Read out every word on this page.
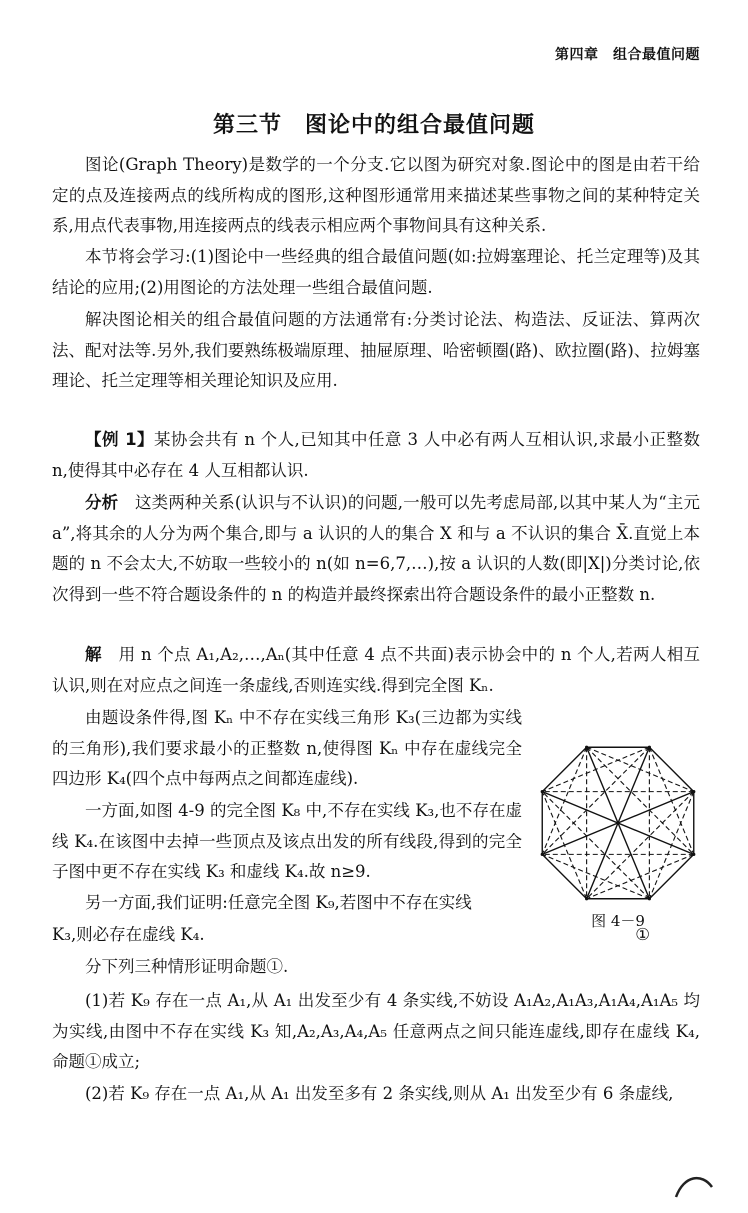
第四章　组合最值问题
第三节　图论中的组合最值问题
图论(Graph Theory)是数学的一个分支.它以图为研究对象.图论中的图是由若干给定的点及连接两点的线所构成的图形,这种图形通常用来描述某些事物之间的某种特定关系,用点代表事物,用连接两点的线表示相应两个事物间具有这种关系.
本节将会学习:(1)图论中一些经典的组合最值问题(如:拉姆塞理论、托兰定理等)及其结论的应用;(2)用图论的方法处理一些组合最值问题.
解决图论相关的组合最值问题的方法通常有:分类讨论法、构造法、反证法、算两次法、配对法等.另外,我们要熟练极端原理、抽屉原理、哈密顿圈(路)、欧拉圈(路)、拉姆塞理论、托兰定理等相关理论知识及应用.
【例 1】某协会共有 n 个人,已知其中任意 3 人中必有两人互相认识,求最小正整数 n,使得其中必存在 4 人互相都认识.
分析　这类两种关系(认识与不认识)的问题,一般可以先考虑局部,以其中某人为“主元 a”,将其余的人分为两个集合,即与 a 认识的人的集合 X 和与 a 不认识的集合 X̄.直觉上本题的 n 不会太大,不妨取一些较小的 n(如 n=6,7,…),按 a 认识的人数(即|X|)分类讨论,依次得到一些不符合题设条件的 n 的构造并最终探索出符合题设条件的最小正整数 n.
解　用 n 个点 A₁,A₂,…,Aₙ(其中任意 4 点不共面)表示协会中的 n 个人,若两人相互认识,则在对应点之间连一条虚线,否则连实线.得到完全图 Kₙ.
由题设条件得,图 Kₙ 中不存在实线三角形 K₃(三边都为实线的三角形),我们要求最小的正整数 n,使得图 Kₙ 中存在虚线完全四边形 K₄(四个点中每两点之间都连虚线).
一方面,如图 4-9 的完全图 K₈ 中,不存在实线 K₃,也不存在虚线 K₄.在该图中去掉一些顶点及该点出发的所有线段,得到的完全子图中更不存在实线 K₃ 和虚线 K₄.故 n≥9.
另一方面,我们证明:任意完全图 K₉,若图中不存在实线
K₃,则必存在虚线 K₄.	①
分下列三种情形证明命题①.
(1)若 K₉ 存在一点 A₁,从 A₁ 出发至少有 4 条实线,不妨设 A₁A₂,A₁A₃,A₁A₄,A₁A₅ 均为实线,由图中不存在实线 K₃ 知,A₂,A₃,A₄,A₅ 任意两点之间只能连虚线,即存在虚线 K₄,命题①成立;
(2)若 K₉ 存在一点 A₁,从 A₁ 出发至多有 2 条实线,则从 A₁ 出发至少有 6 条虚线,
图 4－9
